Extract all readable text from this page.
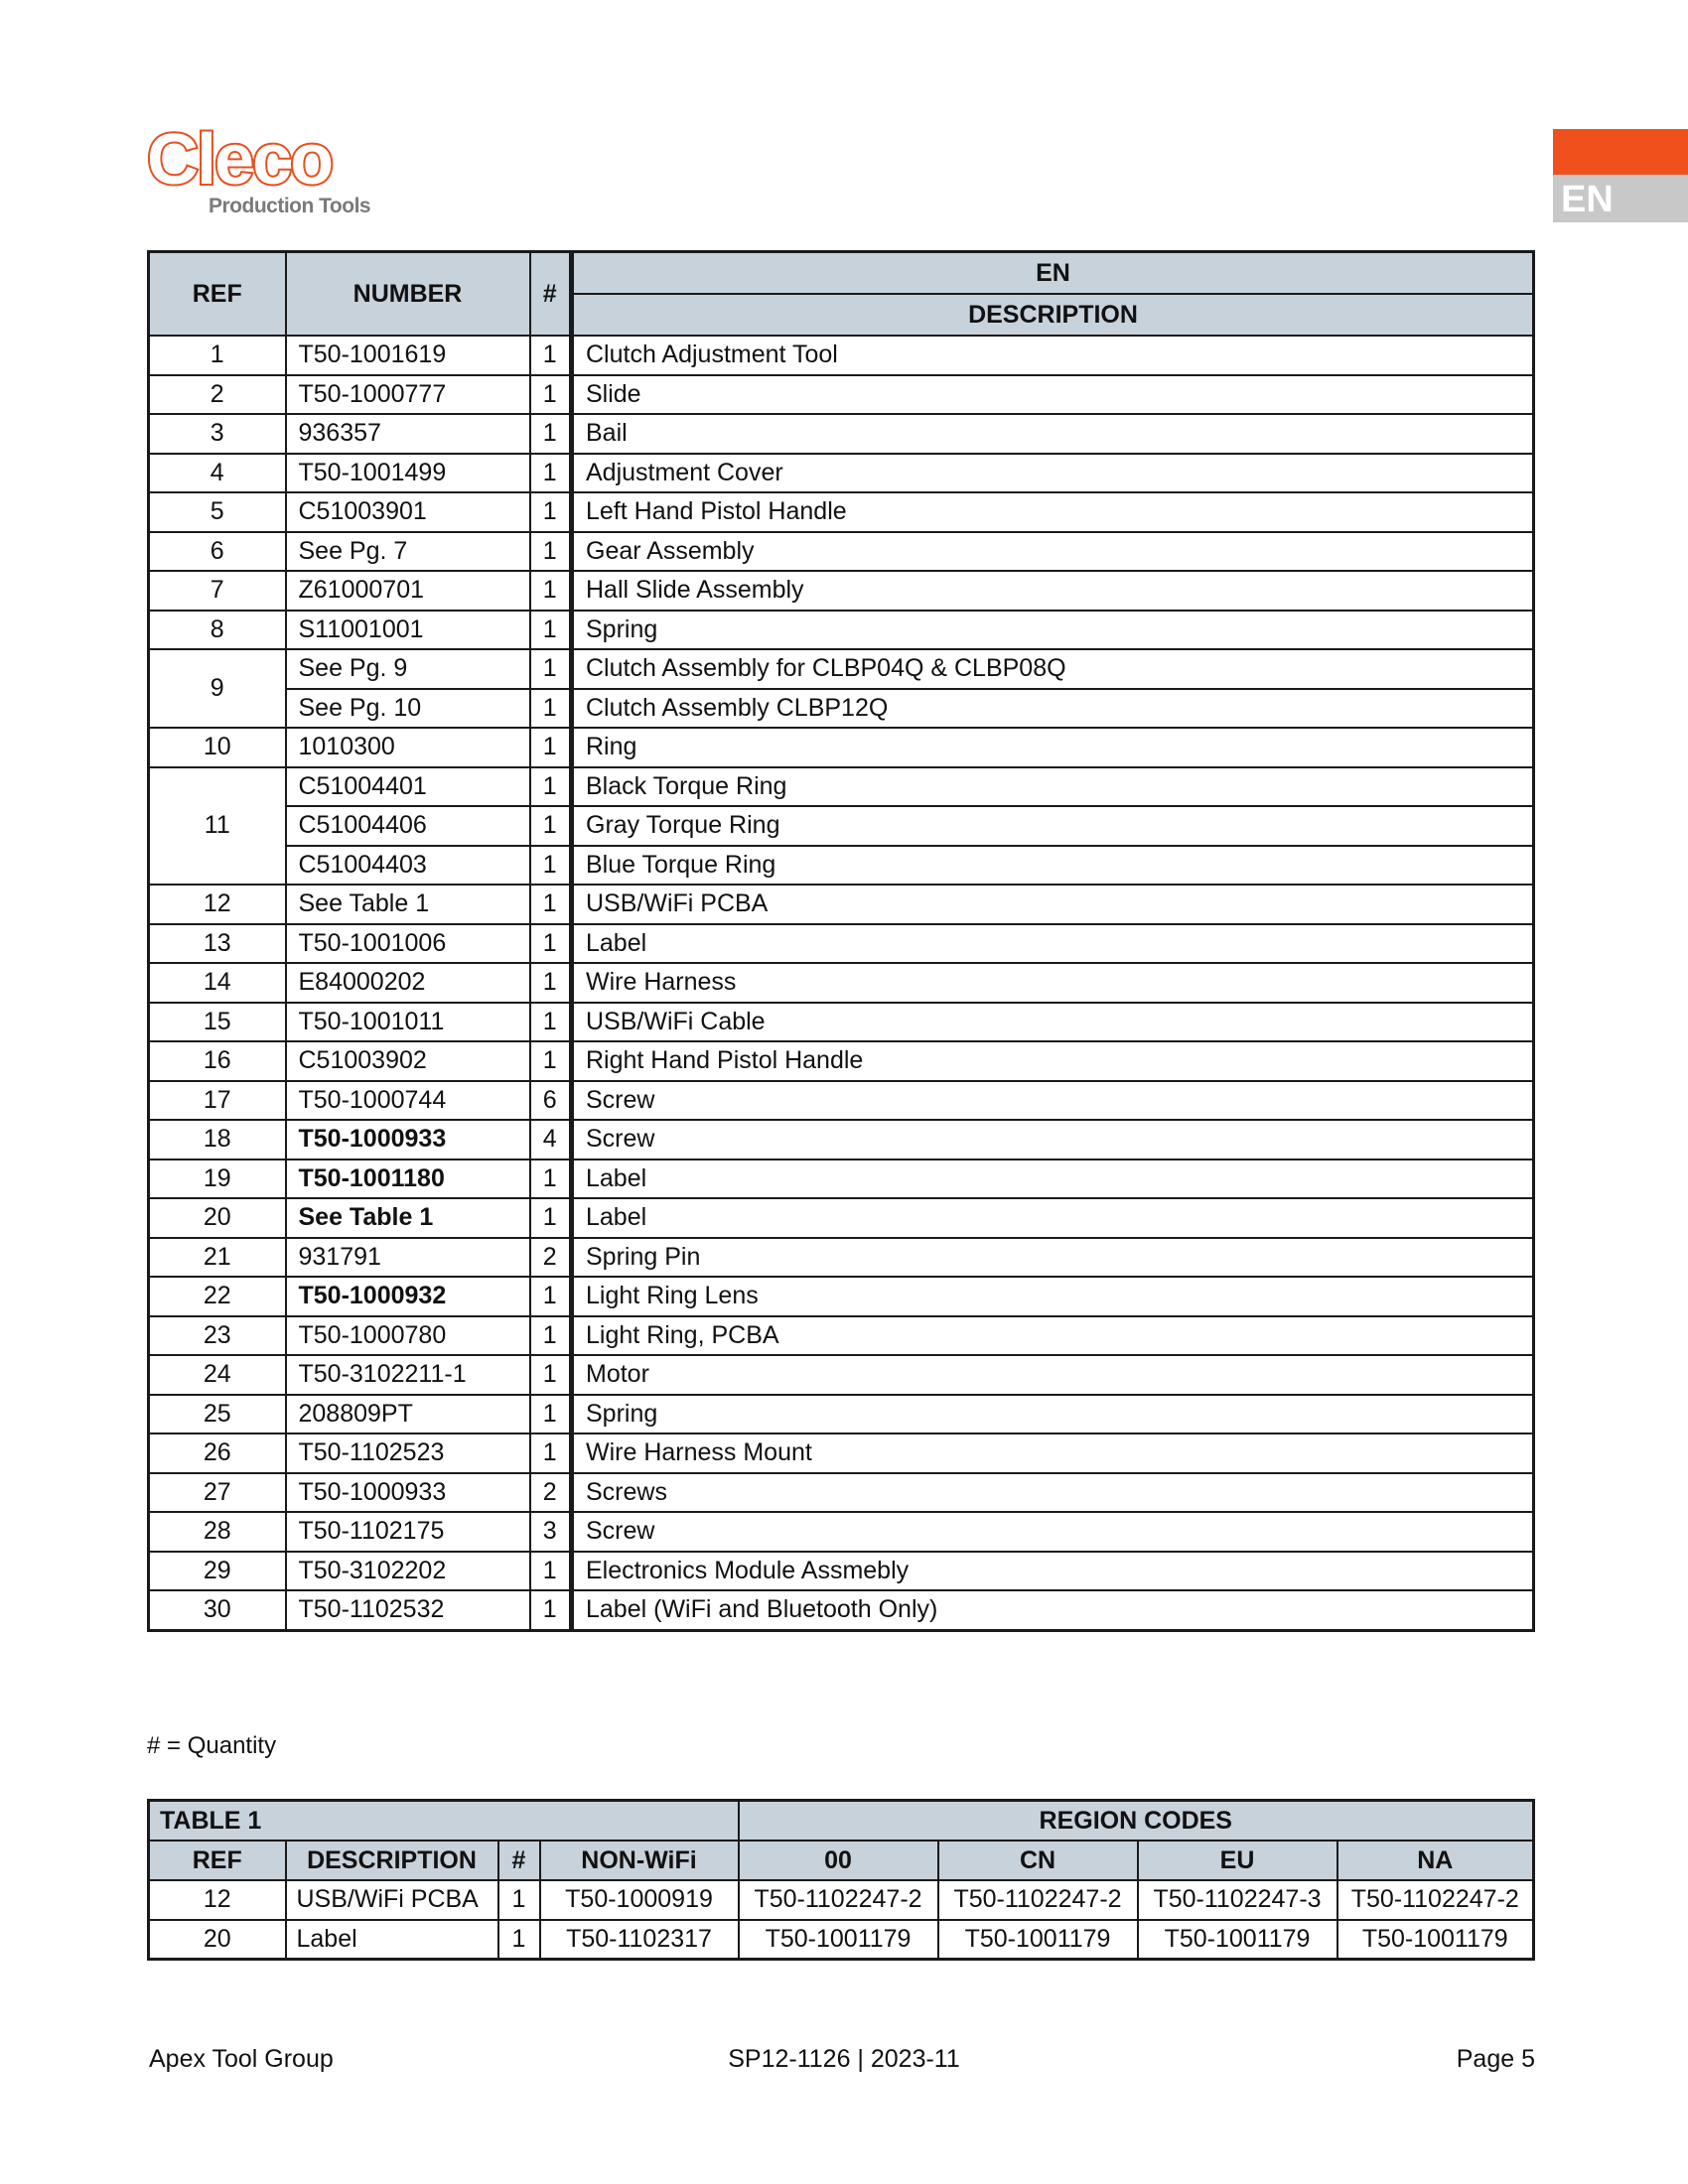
Cleco
Production Tools	EN
REF	NUMBER	#	EN
			DESCRIPTION
1	T50-1001619	1	Clutch Adjustment Tool
2	T50-1000777	1	Slide
3	936357	1	Bail
4	T50-1001499	1	Adjustment Cover
5	C51003901	1	Left Hand Pistol Handle
6	See Pg. 7	1	Gear Assembly
7	Z61000701	1	Hall Slide Assembly
8	S11001001	1	Spring
9	See Pg. 9	1	Clutch Assembly for CLBP04Q & CLBP08Q
	See Pg. 10	1	Clutch Assembly CLBP12Q
10	1010300	1	Ring
11	C51004401	1	Black Torque Ring
	C51004406	1	Gray Torque Ring
	C51004403	1	Blue Torque Ring
12	See Table 1	1	USB/WiFi PCBA
13	T50-1001006	1	Label
14	E84000202	1	Wire Harness
15	T50-1001011	1	USB/WiFi Cable
16	C51003902	1	Right Hand Pistol Handle
17	T50-1000744	6	Screw
18	T50-1000933	4	Screw
19	T50-1001180	1	Label
20	See Table 1	1	Label
21	931791	2	Spring Pin
22	T50-1000932	1	Light Ring Lens
23	T50-1000780	1	Light Ring, PCBA
24	T50-3102211-1	1	Motor
25	208809PT	1	Spring
26	T50-1102523	1	Wire Harness Mount
27	T50-1000933	2	Screws
28	T50-1102175	3	Screw
29	T50-3102202	1	Electronics Module Assmebly
30	T50-1102532	1	Label (WiFi and Bluetooth Only)
# = Quantity
TABLE 1				REGION CODES			
REF	DESCRIPTION	#	NON-WiFi	00	CN	EU	NA
12	USB/WiFi PCBA	1	T50-1000919	T50-1102247-2	T50-1102247-2	T50-1102247-3	T50-1102247-2
20	Label	1	T50-1102317	T50-1001179	T50-1001179	T50-1001179	T50-1001179
Apex Tool Group	SP12-1126 | 2023-11	Page 5
